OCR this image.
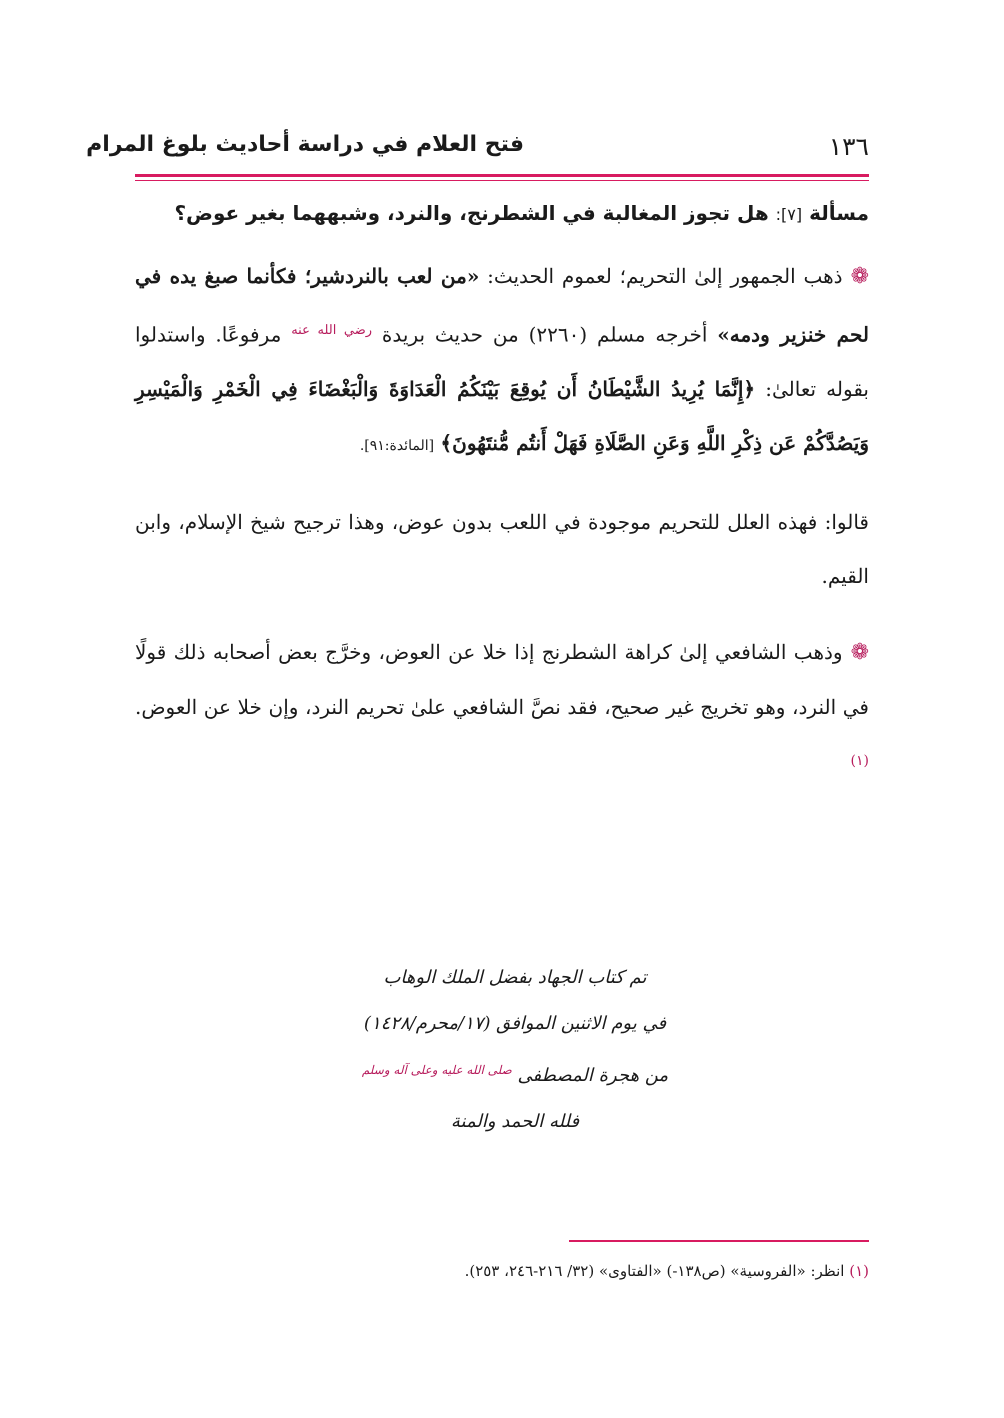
١٣٦
فتح العلام في دراسة أحاديث بلوغ المرام
مسألة [٧]: هل تجوز المغالبة في الشطرنج، والنرد، وشبههما بغير عوض؟

❁ذهب الجمهور إلىٰ التحريم؛ لعموم الحديث: «من لعب بالنردشير؛ فكأنما صبغ يده في لحم خنزير ودمه» أخرجه مسلم (٢٢٦٠) من حديث بريدة $^{رضي الله عنه}$ مرفوعًا. واستدلوا بقوله تعالىٰ: ﴿إِنَّمَا يُرِيدُ الشَّيْطَانُ أَن يُوقِعَ بَيْنَكُمُ الْعَدَاوَةَ وَالْبَغْضَاءَ فِي الْخَمْرِ وَالْمَيْسِرِ وَيَصُدَّكُمْ عَن ذِكْرِ اللَّهِ وَعَنِ الصَّلَاةِ فَهَلْ أَنتُم مُّنتَهُونَ﴾ [المائدة:٩١].

قالوا: فهذه العلل للتحريم موجودة في اللعب بدون عوض، وهذا ترجيح شيخ الإسلام، وابن القيم.

❁وذهب الشافعي إلىٰ كراهة الشطرنج إذا خلا عن العوض، وخرَّج بعض أصحابه ذلك قولًا في النرد، وهو تخريج غير صحيح، فقد نصَّ الشافعي علىٰ تحريم النرد، وإن خلا عن العوض.$^{(١)}$

تم كتاب الجهاد بفضل الملك الوهاب
في يوم الاثنين الموافق (١٧/محرم/١٤٢٨)
من هجرة المصطفى $^{صلى الله عليه وعلى آله وسلم}$
فلله الحمد والمنة
(١) انظر: «الفروسية» (ص١٣٨-) «الفتاوى» (٣٢/ ٢١٦-٢٤٦، ٢٥٣).
